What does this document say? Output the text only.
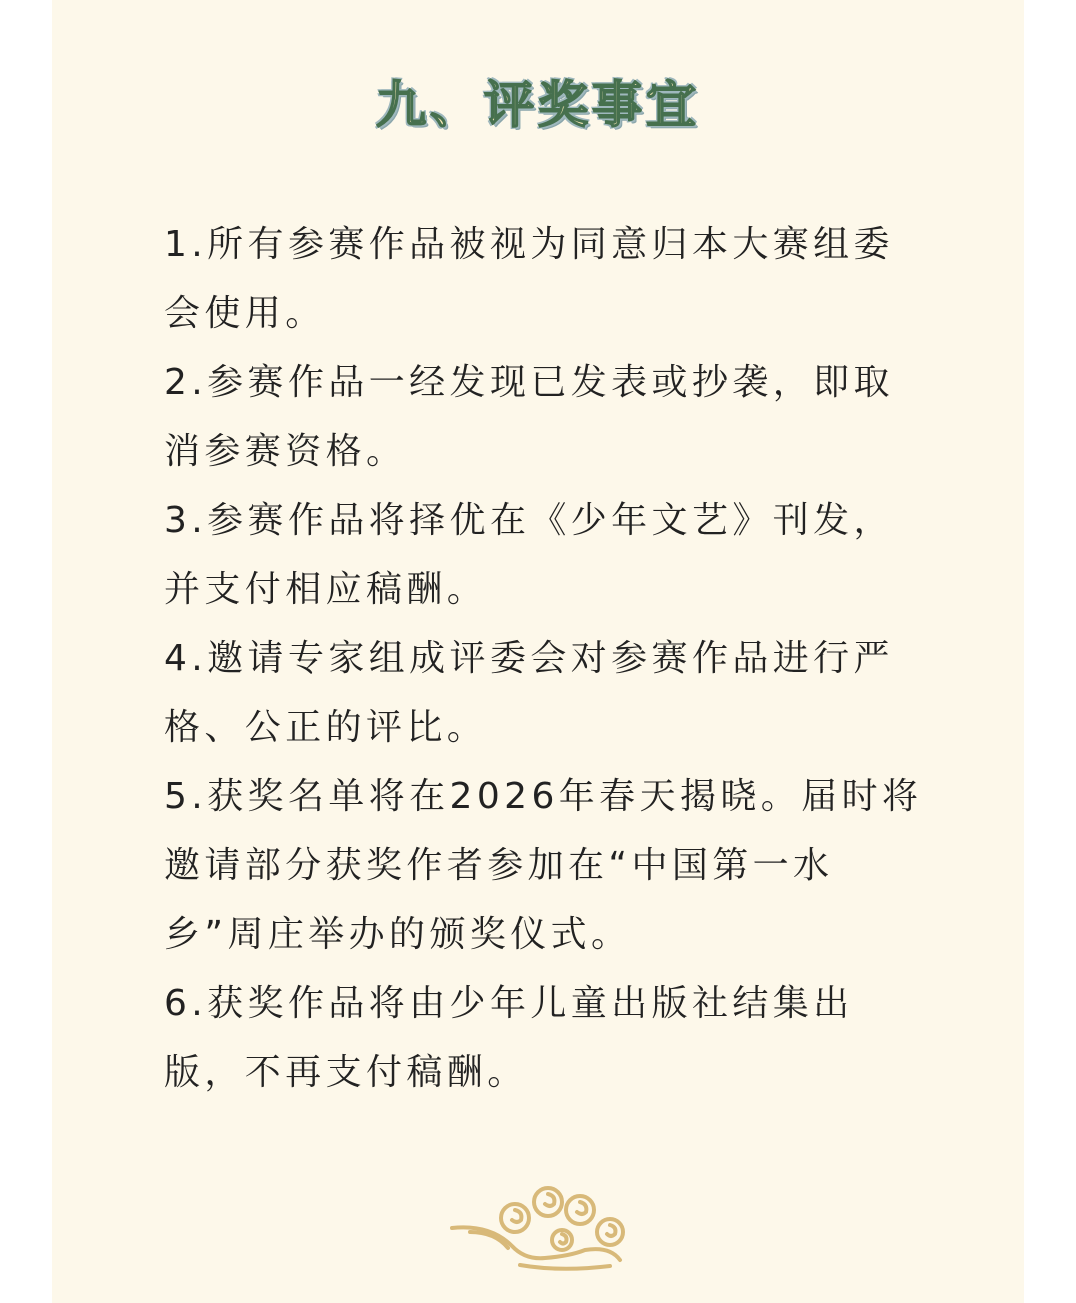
九、评奖事宜
1.所有参赛作品被视为同意归本大赛组委会使用。
2.参赛作品一经发现已发表或抄袭，即取消参赛资格。
3.参赛作品将择优在《少年文艺》刊发，并支付相应稿酬。
4.邀请专家组成评委会对参赛作品进行严格、公正的评比。
5.获奖名单将在2026年春天揭晓。届时将邀请部分获奖作者参加在“中国第一水乡”周庄举办的颁奖仪式。
6.获奖作品将由少年儿童出版社结集出版，不再支付稿酬。
